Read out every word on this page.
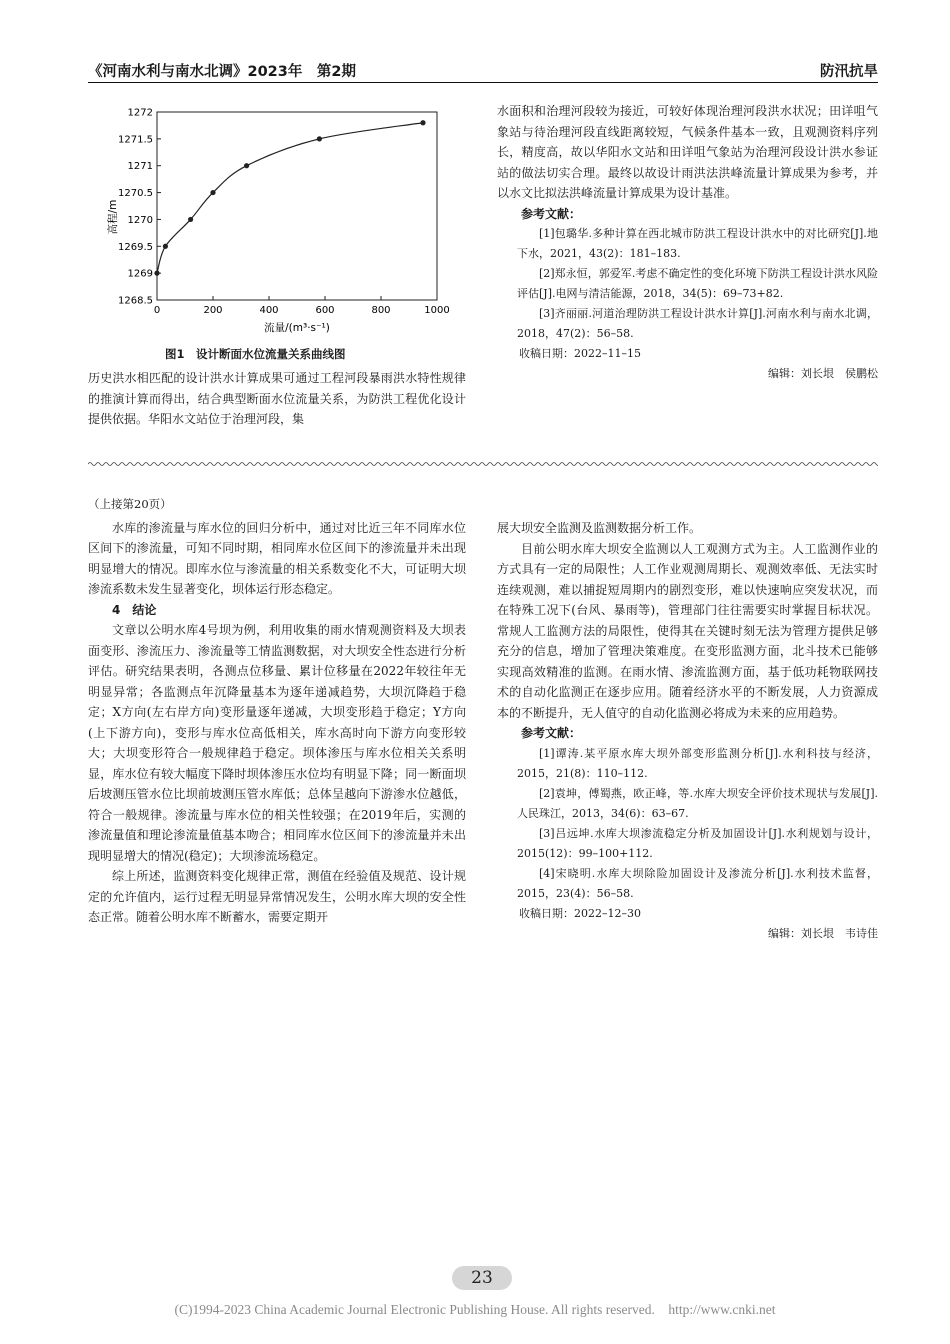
《河南水利与南水北调》2023年　第2期	防汛抗旱
0	200	400	600	800	1000
1268.5
1269
1269.5
1270
1270.5
1271
1271.5
1272
流量/(m³·s⁻¹)
高程/m
图1　设计断面水位流量关系曲线图

历史洪水相匹配的设计洪水计算成果可通过工程河段暴雨洪水特性规律的推演计算而得出，结合典型断面水位流量关系，为防洪工程优化设计提供依据。华阳水文站位于治理河段，集

水面积和治理河段较为接近，可较好体现治理河段洪水状况；田详咀气象站与待治理河段直线距离较短，气候条件基本一致，且观测资料序列长，精度高，故以华阳水文站和田详咀气象站为治理河段设计洪水参证站的做法切实合理。最终以故设计雨洪法洪峰流量计算成果为参考，并以水文比拟法洪峰流量计算成果为设计基准。

参考文献：

[1]包璐华.多种计算在西北城市防洪工程设计洪水中的对比研究[J].地下水，2021，43(2)：181–183.

[2]郑永恒，郭爱军.考虑不确定性的变化环境下防洪工程设计洪水风险评估[J].电网与清洁能源，2018，34(5)：69–73+82.

[3]齐丽丽.河道治理防洪工程设计洪水计算[J].河南水利与南水北调，2018，47(2)：56–58.

收稿日期：2022–11–15

编辑：刘长垠　侯鹏松

（上接第20页）

水库的渗流量与库水位的回归分析中，通过对比近三年不同库水位区间下的渗流量，可知不同时期，相同库水位区间下的渗流量并未出现明显增大的情况。即库水位与渗流量的相关系数变化不大，可证明大坝渗流系数未发生显著变化，坝体运行形态稳定。

4　结论

文章以公明水库4号坝为例，利用收集的雨水情观测资料及大坝表面变形、渗流压力、渗流量等工情监测数据，对大坝安全性态进行分析评估。研究结果表明，各测点位移量、累计位移量在2022年较往年无明显异常；各监测点年沉降量基本为逐年递减趋势，大坝沉降趋于稳定；X方向(左右岸方向)变形量逐年递减，大坝变形趋于稳定；Y方向(上下游方向)，变形与库水位高低相关，库水高时向下游方向变形较大；大坝变形符合一般规律趋于稳定。坝体渗压与库水位相关关系明显，库水位有较大幅度下降时坝体渗压水位均有明显下降；同一断面坝后坡测压管水位比坝前坡测压管水库低；总体呈越向下游渗水位越低，符合一般规律。渗流量与库水位的相关性较强；在2019年后，实测的渗流量值和理论渗流量值基本吻合；相同库水位区间下的渗流量并未出现明显增大的情况(稳定)；大坝渗流场稳定。

综上所述，监测资料变化规律正常，测值在经验值及规范、设计规定的允许值内，运行过程无明显异常情况发生，公明水库大坝的安全性态正常。随着公明水库不断蓄水，需要定期开

展大坝安全监测及监测数据分析工作。

目前公明水库大坝安全监测以人工观测方式为主。人工监测作业的方式具有一定的局限性；人工作业观测周期长、观测效率低、无法实时连续观测，难以捕捉短周期内的剧烈变形，难以快速响应突发状况，而在特殊工况下(台风、暴雨等)，管理部门往往需要实时掌握目标状况。常规人工监测方法的局限性，使得其在关键时刻无法为管理方提供足够充分的信息，增加了管理决策难度。在变形监测方面，北斗技术已能够实现高效精准的监测。在雨水情、渗流监测方面，基于低功耗物联网技术的自动化监测正在逐步应用。随着经济水平的不断发展，人力资源成本的不断提升，无人值守的自动化监测必将成为未来的应用趋势。

参考文献：

[1]谭涛.某平原水库大坝外部变形监测分析[J].水利科技与经济，2015，21(8)：110–112.

[2]袁坤，傅蜀燕，欧正峰，等.水库大坝安全评价技术现状与发展[J].人民珠江，2013，34(6)：63–67.

[3]吕远坤.水库大坝渗流稳定分析及加固设计[J].水利规划与设计，2015(12)：99–100+112.

[4]宋晓明.水库大坝除险加固设计及渗流分析[J].水利技术监督，2015，23(4)：56–58.

收稿日期：2022–12–30

编辑：刘长垠　韦诗佳
23
(C)1994-2023 China Academic Journal Electronic Publishing House. All rights reserved.　http://www.cnki.net
